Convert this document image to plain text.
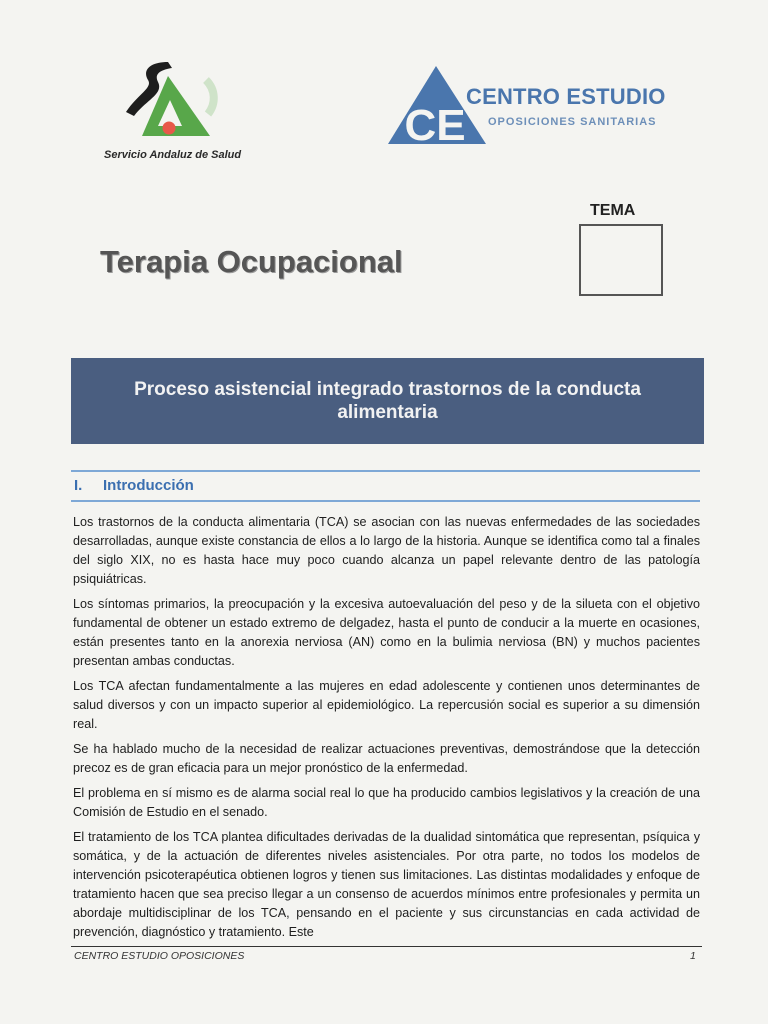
Servicio Andaluz de Salud
CE
CENTRO ESTUDIO
OPOSICIONES SANITARIAS
TEMA
Terapia Ocupacional
Proceso asistencial integrado trastornos de la conducta alimentaria
I. Introducción

Los trastornos de la conducta alimentaria (TCA) se asocian con las nuevas enfermedades de las sociedades desarrolladas, aunque existe constancia de ellos a lo largo de la historia. Aunque se identifica como tal a finales del siglo XIX, no es hasta hace muy poco cuando alcanza un papel relevante dentro de las patología psiquiátricas.

Los síntomas primarios, la preocupación y la excesiva autoevaluación del peso y de la silueta con el objetivo fundamental de obtener un estado extremo de delgadez, hasta el punto de conducir a la muerte en ocasiones, están presentes tanto en la anorexia nerviosa (AN) como en la bulimia nerviosa (BN) y muchos pacientes presentan ambas conductas.

Los TCA afectan fundamentalmente a las mujeres en edad adolescente y contienen unos determinantes de salud diversos y con un impacto superior al epidemiológico. La repercusión social es superior a su dimensión real.

Se ha hablado mucho de la necesidad de realizar actuaciones preventivas, demostrándose que la detección precoz es de gran eficacia para un mejor pronóstico de la enfermedad.

El problema en sí mismo es de alarma social real lo que ha producido cambios legislativos y la creación de una Comisión de Estudio en el senado.

El tratamiento de los TCA plantea dificultades derivadas de la dualidad sintomática que representan, psíquica y somática, y de la actuación de diferentes niveles asistenciales. Por otra parte, no todos los modelos de intervención psicoterapéutica obtienen logros y tienen sus limitaciones. Las distintas modalidades y enfoque de tratamiento hacen que sea preciso llegar a un consenso de acuerdos mínimos entre profesionales y permita un abordaje multidisciplinar de los TCA, pensando en el paciente y sus circunstancias en cada actividad de prevención, diagnóstico y tratamiento. Este

CENTRO ESTUDIO OPOSICIONES	1
